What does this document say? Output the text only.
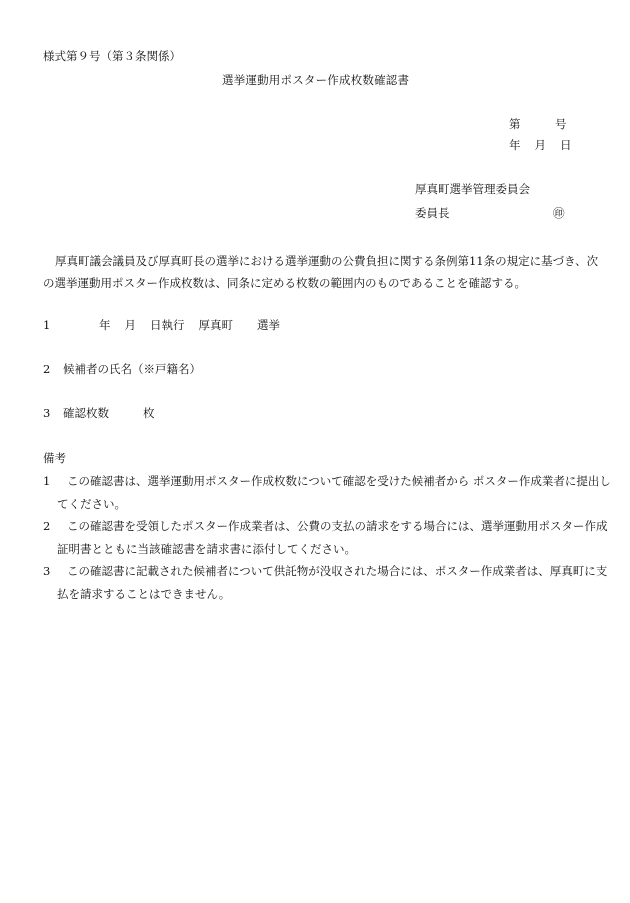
様式第９号（第３条関係）
選挙運動用ポスター作成枚数確認書
第	号
年 月 日
厚真町選挙管理委員会
委員長	㊞
厚真町議会議員及び厚真町長の選挙における選挙運動の公費負担に関する条例第11条の規定に基づき、次の選挙運動用ポスター作成枚数は、同条に定める枚数の範囲内のものであることを確認する。
1	年 月 日執行 厚真町 選挙
2 候補者の氏名（※戸籍名）
3 確認枚数	枚
備考
1 この確認書は、選挙運動用ポスター作成枚数について確認を受けた候補者から ポスター作成業者に提出してください。
2 この確認書を受領したポスター作成業者は、公費の支払の請求をする場合には、選挙運動用ポスター作成証明書とともに当該確認書を請求書に添付してください。
3 この確認書に記載された候補者について供託物が没収された場合には、ポスター作成業者は、厚真町に支払を請求することはできません。
